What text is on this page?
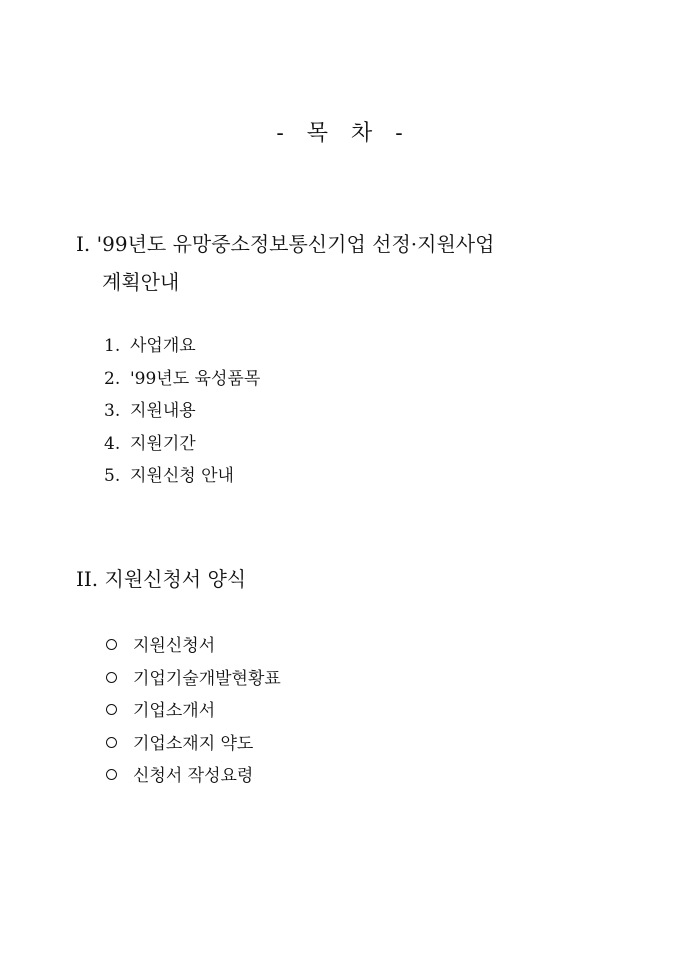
- 목 차 -
I. '99년도 유망중소정보통신기업 선정·지원사업
계획안내
1. 사업개요
2. '99년도 육성품목
3. 지원내용
4. 지원기간
5. 지원신청 안내
II. 지원신청서 양식
지원신청서
기업기술개발현황표
기업소개서
기업소재지 약도
신청서 작성요령
